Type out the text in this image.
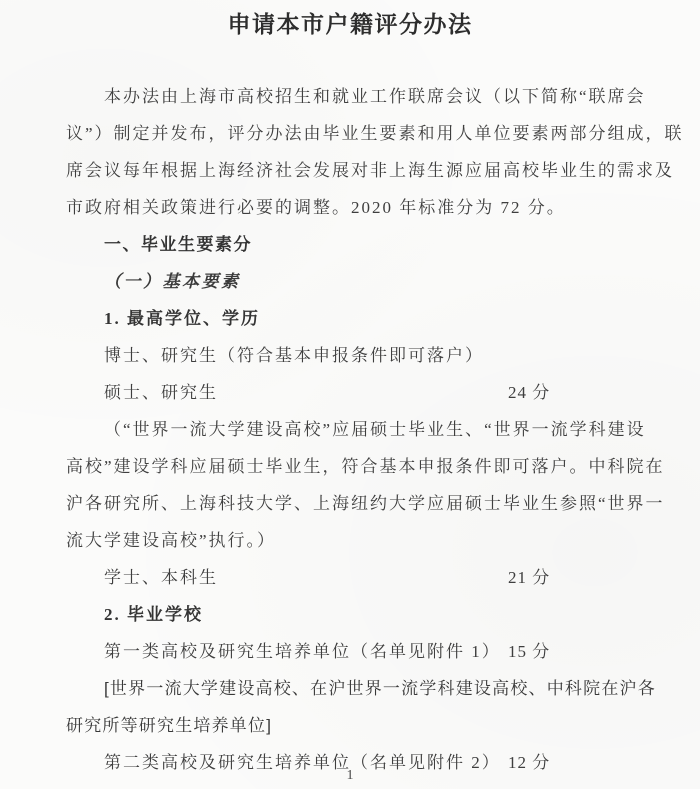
申请本市户籍评分办法
本办法由上海市高校招生和就业工作联席会议（以下简称“联席会
议”）制定并发布，评分办法由毕业生要素和用人单位要素两部分组成，联
席会议每年根据上海经济社会发展对非上海生源应届高校毕业生的需求及
市政府相关政策进行必要的调整。2020 年标准分为 72 分。
一、毕业生要素分
（一）基本要素
1. 最高学位、学历
博士、研究生（符合基本申报条件即可落户）
硕士、研究生	24 分
（“世界一流大学建设高校”应届硕士毕业生、“世界一流学科建设
高校”建设学科应届硕士毕业生，符合基本申报条件即可落户。中科院在
沪各研究所、上海科技大学、上海纽约大学应届硕士毕业生参照“世界一
流大学建设高校”执行。）
学士、本科生	21 分
2. 毕业学校
第一类高校及研究生培养单位（名单见附件 1） 15 分
[世界一流大学建设高校、在沪世界一流学科建设高校、中科院在沪各
研究所等研究生培养单位]
第二类高校及研究生培养单位（名单见附件 2） 12 分
1
